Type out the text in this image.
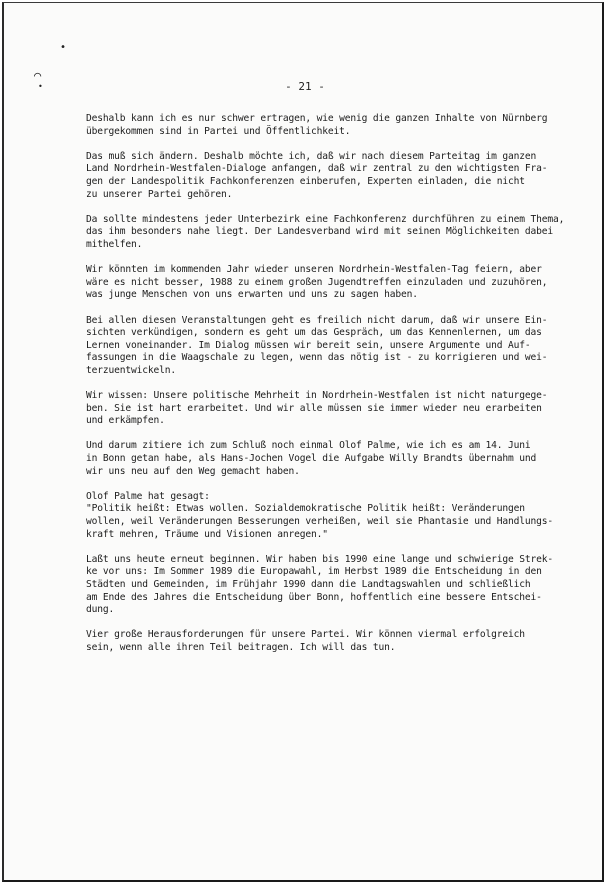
•
⌒
•	- 21 -
Deshalb kann ich es nur schwer ertragen, wie wenig die ganzen Inhalte von Nürnberg
übergekommen sind in Partei und Öffentlichkeit.
Das muß sich ändern. Deshalb möchte ich, daß wir nach diesem Parteitag im ganzen
Land Nordrhein-Westfalen-Dialoge anfangen, daß wir zentral zu den wichtigsten Fra-
gen der Landespolitik Fachkonferenzen einberufen, Experten einladen, die nicht
zu unserer Partei gehören.
Da sollte mindestens jeder Unterbezirk eine Fachkonferenz durchführen zu einem Thema,
das ihm besonders nahe liegt. Der Landesverband wird mit seinen Möglichkeiten dabei
mithelfen.
Wir könnten im kommenden Jahr wieder unseren Nordrhein-Westfalen-Tag feiern, aber
wäre es nicht besser, 1988 zu einem großen Jugendtreffen einzuladen und zuzuhören,
was junge Menschen von uns erwarten und uns zu sagen haben.
Bei allen diesen Veranstaltungen geht es freilich nicht darum, daß wir unsere Ein-
sichten verkündigen, sondern es geht um das Gespräch, um das Kennenlernen, um das
Lernen voneinander. Im Dialog müssen wir bereit sein, unsere Argumente und Auf-
fassungen in die Waagschale zu legen, wenn das nötig ist - zu korrigieren und wei-
terzuentwickeln.
Wir wissen: Unsere politische Mehrheit in Nordrhein-Westfalen ist nicht naturgege-
ben. Sie ist hart erarbeitet. Und wir alle müssen sie immer wieder neu erarbeiten
und erkämpfen.
Und darum zitiere ich zum Schluß noch einmal Olof Palme, wie ich es am 14. Juni
in Bonn getan habe, als Hans-Jochen Vogel die Aufgabe Willy Brandts übernahm und
wir uns neu auf den Weg gemacht haben.
Olof Palme hat gesagt:
"Politik heißt: Etwas wollen. Sozialdemokratische Politik heißt: Veränderungen
wollen, weil Veränderungen Besserungen verheißen, weil sie Phantasie und Handlungs-
kraft mehren, Träume und Visionen anregen."
Laßt uns heute erneut beginnen. Wir haben bis 1990 eine lange und schwierige Strek-
ke vor uns: Im Sommer 1989 die Europawahl, im Herbst 1989 die Entscheidung in den
Städten und Gemeinden, im Frühjahr 1990 dann die Landtagswahlen und schließlich
am Ende des Jahres die Entscheidung über Bonn, hoffentlich eine bessere Entschei-
dung.
Vier große Herausforderungen für unsere Partei. Wir können viermal erfolgreich
sein, wenn alle ihren Teil beitragen. Ich will das tun.
